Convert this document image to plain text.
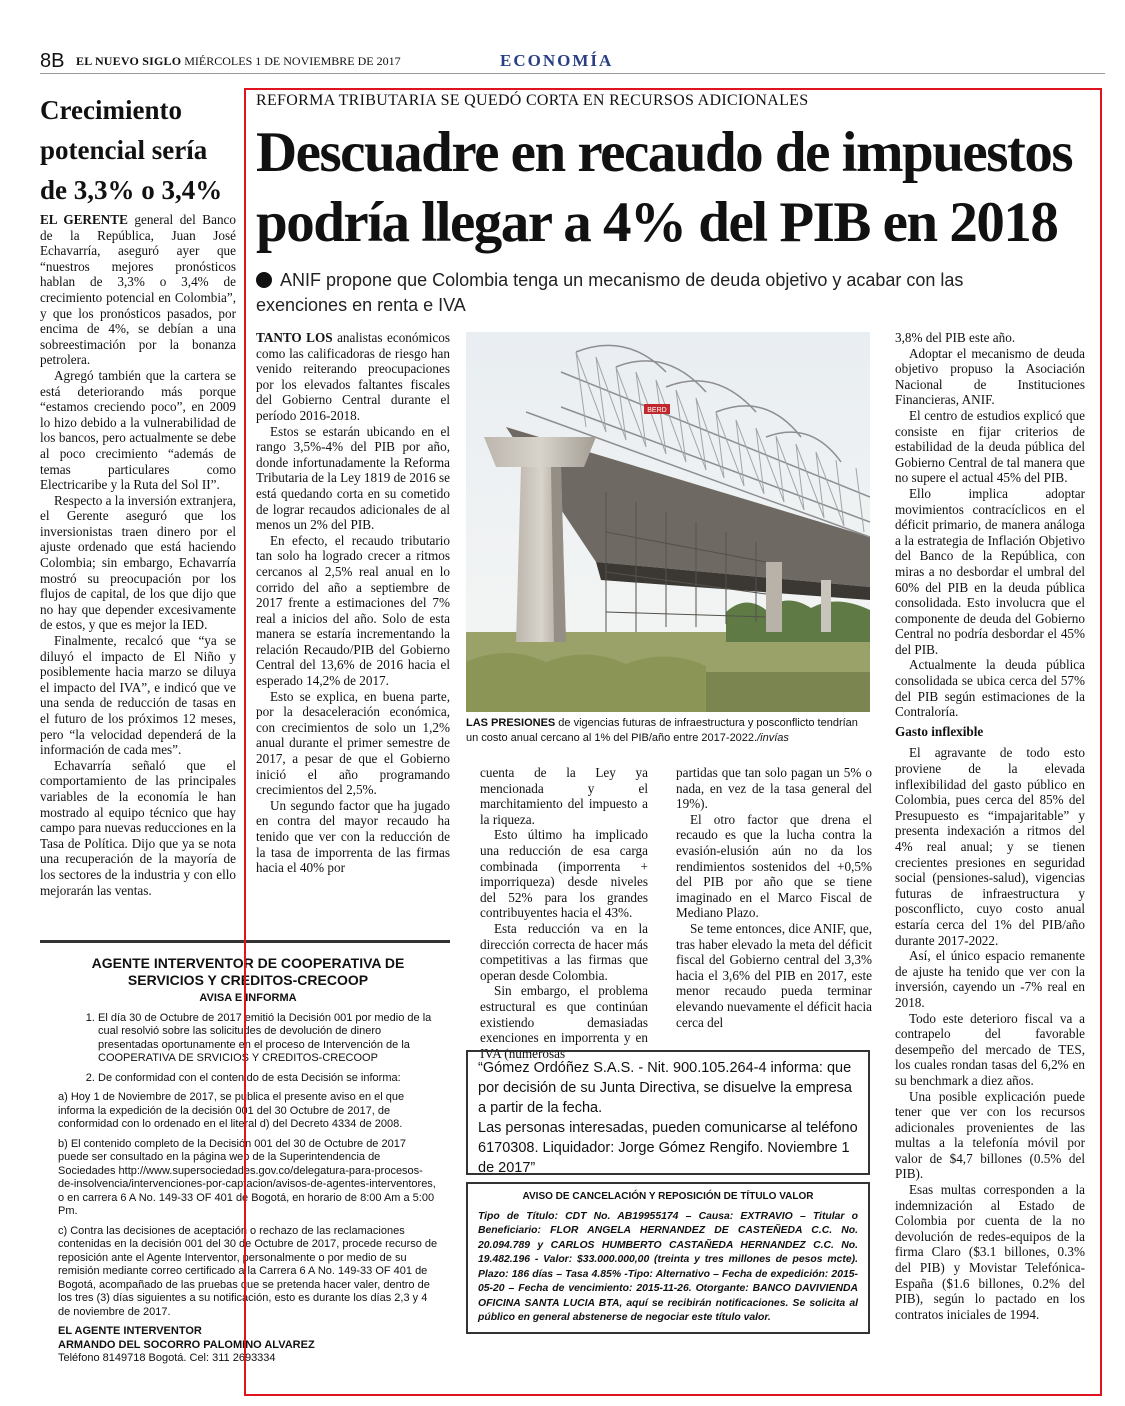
8B EL NUEVO SIGLO MIÉRCOLES 1 DE NOVIEMBRE DE 2017	ECONOMÍA
Crecimiento potencial sería de 3,3% o 3,4%

EL GERENTE general del Banco de la República, Juan José Echavarría, aseguró ayer que “nuestros mejores pronósticos hablan de 3,3% o 3,4% de crecimiento potencial en Colombia”, y que los pronósticos pasados, por encima de 4%, se debían a una sobreestimación por la bonanza petrolera.

Agregó también que la cartera se está deteriorando más porque “estamos creciendo poco”, en 2009 lo hizo debido a la vulnerabilidad de los bancos, pero actualmente se debe al poco crecimiento “además de temas particulares como Electricaribe y la Ruta del Sol II”.

Respecto a la inversión extranjera, el Gerente aseguró que los inversionistas traen dinero por el ajuste ordenado que está haciendo Colombia; sin embargo, Echavarría mostró su preocupación por los flujos de capital, de los que dijo que no hay que depender excesivamente de estos, y que es mejor la IED.

Finalmente, recalcó que “ya se diluyó el impacto de El Niño y posiblemente hacia marzo se diluya el impacto del IVA”, e indicó que ve una senda de reducción de tasas en el futuro de los próximos 12 meses, pero “la velocidad dependerá de la información de cada mes”.

Echavarría señaló que el comportamiento de las principales variables de la economía le han mostrado al equipo técnico que hay campo para nuevas reducciones en la Tasa de Política. Dijo que ya se nota una recuperación de la mayoría de los sectores de la industria y con ello mejorarán las ventas.

AGENTE INTERVENTOR DE COOPERATIVA DE SERVICIOS Y CREDITOS-CRECOOP
AVISA E INFORMA
1. El día 30 de Octubre de 2017 emitió la Decisión 001 por medio de la cual resolvió sobre las solicitudes de devolución de dinero presentadas oportunamente en el proceso de Intervención de la COOPERATIVA DE SRVICIOS Y CREDITOS-CRECOOP
2. De conformidad con el contenido de esta Decisión se informa:

a) Hoy 1 de Noviembre de 2017, se publica el presente aviso en el que informa la expedición de la decisión 001 del 30 Octubre de 2017, de conformidad con lo ordenado en el literal d) del Decreto 4334 de 2008.

b) El contenido completo de la Decisión 001 del 30 de Octubre de 2017 puede ser consultado en la página web de la Superintendencia de Sociedades http://www.supersociedades.gov.co/delegatura-para-procesos-de-insolvencia/intervenciones-por-captacion/avisos-de-agentes-interventores, o en carrera 6 A No. 149-33 OF 401 de Bogotá, en horario de 8:00 Am a 5:00 Pm.

c) Contra las decisiones de aceptación o rechazo de las reclamaciones contenidas en la decisión 001 del 30 de Octubre de 2017, procede recurso de reposición ante el Agente Interventor, personalmente o por medio de su remisión mediante correo certificado a la Carrera 6 A No. 149-33 OF 401 de Bogotá, acompañado de las pruebas que se pretenda hacer valer, dentro de los tres (3) días siguientes a su notificación, esto es durante los días 2,3 y 4 de noviembre de 2017.

EL AGENTE INTERVENTOR

ARMANDO DEL SOCORRO PALOMINO ALVAREZ

Teléfono 8149718 Bogotá. Cel: 311 2693334

REFORMA TRIBUTARIA SE QUEDÓ CORTA EN RECURSOS ADICIONALES
Descuadre en recaudo de impuestos podría llegar a 4% del PIB en 2018
ANIF propone que Colombia tenga un mecanismo de deuda objetivo y acabar con las exenciones en renta e IVA

TANTO LOS analistas económicos como las calificadoras de riesgo han venido reiterando preocupaciones por los elevados faltantes fiscales del Gobierno Central durante el período 2016-2018.

Estos se estarán ubicando en el rango 3,5%-4% del PIB por año, donde infortunadamente la Reforma Tributaria de la Ley 1819 de 2016 se está quedando corta en su cometido de lograr recaudos adicionales de al menos un 2% del PIB.

En efecto, el recaudo tributario tan solo ha logrado crecer a ritmos cercanos al 2,5% real anual en lo corrido del año a septiembre de 2017 frente a estimaciones del 7% real a inicios del año. Solo de esta manera se estaría incrementando la relación Recaudo/PIB del Gobierno Central del 13,6% de 2016 hacia el esperado 14,2% de 2017.

Esto se explica, en buena parte, por la desaceleración económica, con crecimientos de solo un 1,2% anual durante el primer semestre de 2017, a pesar de que el Gobierno inició el año programando crecimientos del 2,5%.

Un segundo factor que ha jugado en contra del mayor recaudo ha tenido que ver con la reducción de la tasa de imporrenta de las firmas hacia el 40% por

BERD
LAS PRESIONES de vigencias futuras de infraestructura y posconflicto tendrían un costo anual cercano al 1% del PIB/año entre 2017-2022./invías

cuenta de la Ley ya mencionada y el marchitamiento del impuesto a la riqueza.

Esto último ha implicado una reducción de esa carga combinada (imporrenta + imporriqueza) desde niveles del 52% para los grandes contribuyentes hacia el 43%.

Esta reducción va en la dirección correcta de hacer más competitivas a las firmas que operan desde Colombia.

Sin embargo, el problema estructural es que continúan existiendo demasiadas exenciones en imporrenta y en IVA (numerosas

partidas que tan solo pagan un 5% o nada, en vez de la tasa general del 19%).

El otro factor que drena el recaudo es que la lucha contra la evasión-elusión aún no da los rendimientos sostenidos del +0,5% del PIB por año que se tiene imaginado en el Marco Fiscal de Mediano Plazo.

Se teme entonces, dice ANIF, que, tras haber elevado la meta del déficit fiscal del Gobierno central del 3,3% hacia el 3,6% del PIB en 2017, este menor recaudo pueda terminar elevando nuevamente el déficit hacia cerca del

3,8% del PIB este año.

Adoptar el mecanismo de deuda objetivo propuso la Asociación Nacional de Instituciones Financieras, ANIF.

El centro de estudios explicó que consiste en fijar criterios de estabilidad de la deuda pública del Gobierno Central de tal manera que no supere el actual 45% del PIB.

Ello implica adoptar movimientos contracíclicos en el déficit primario, de manera análoga a la estrategia de Inflación Objetivo del Banco de la República, con miras a no desbordar el umbral del 60% del PIB en la deuda pública consolidada. Esto involucra que el componente de deuda del Gobierno Central no podría desbordar el 45% del PIB.

Actualmente la deuda pública consolidada se ubica cerca del 57% del PIB según estimaciones de la Contraloría.

Gasto inflexible

El agravante de todo esto proviene de la elevada inflexibilidad del gasto público en Colombia, pues cerca del 85% del Presupuesto es “impajaritable” y presenta indexación a ritmos del 4% real anual; y se tienen crecientes presiones en seguridad social (pensiones-salud), vigencias futuras de infraestructura y posconflicto, cuyo costo anual estaría cerca del 1% del PIB/año durante 2017-2022.

Así, el único espacio remanente de ajuste ha tenido que ver con la inversión, cayendo un -7% real en 2018.

Todo este deterioro fiscal va a contrapelo del favorable desempeño del mercado de TES, los cuales rondan tasas del 6,2% en su benchmark a diez años.

Una posible explicación puede tener que ver con los recursos adicionales provenientes de las multas a la telefonía móvil por valor de $4,7 billones (0.5% del PIB).

Esas multas corresponden a la indemnización al Estado de Colombia por cuenta de la no devolución de redes-equipos de la firma Claro ($3.1 billones, 0.3% del PIB) y Movistar Telefónica-España ($1.6 billones, 0.2% del PIB), según lo pactado en los contratos iniciales de 1994.

“Gómez Ordóñez S.A.S. - Nit. 900.105.264-4 informa: que por decisión de su Junta Directiva, se disuelve la empresa a partir de la fecha.

Las personas interesadas, pueden comunicarse al teléfono 6170308. Liquidador: Jorge Gómez Rengifo. Noviembre 1 de 2017”

AVISO DE CANCELACIÓN Y REPOSICIÓN DE TÍTULO VALOR

Tipo de Título: CDT No. AB19955174 – Causa: EXTRAVIO – Titular o Beneficiario: FLOR ANGELA HERNANDEZ DE CASTEÑEDA C.C. No. 20.094.789 y CARLOS HUMBERTO CASTAÑEDA HERNANDEZ C.C. No. 19.482.196 - Valor: $33.000.000,00 (treinta y tres millones de pesos mcte). Plazo: 186 días – Tasa 4.85% -Tipo: Alternativo – Fecha de expedición: 2015-05-20 – Fecha de vencimiento: 2015-11-26. Otorgante: BANCO DAVIVIENDA OFICINA SANTA LUCIA BTA, aquí se recibirán notificaciones. Se solicita al público en general abstenerse de negociar este título valor.
